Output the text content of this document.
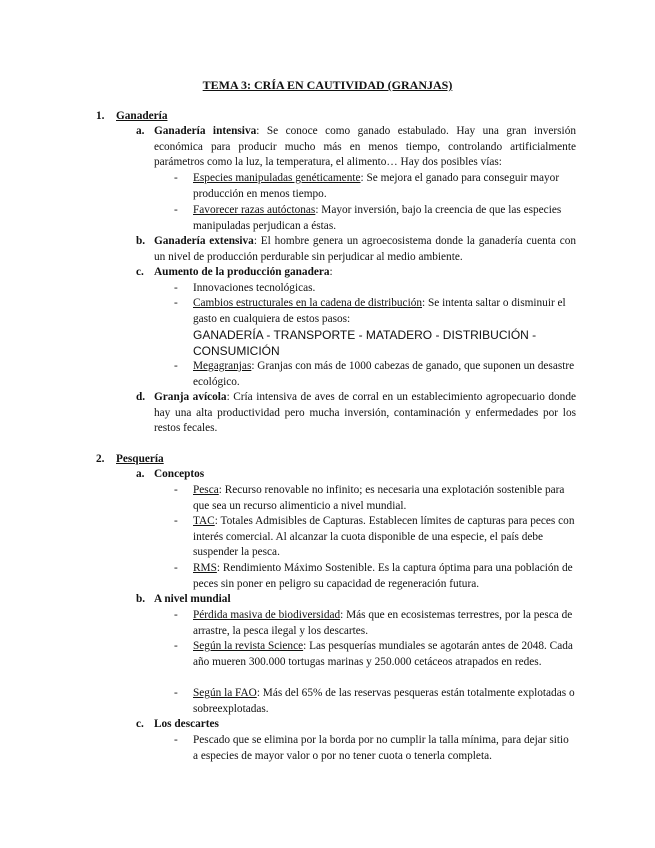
TEMA 3: CRÍA EN CAUTIVIDAD (GRANJAS)
1. Ganadería
a. Ganadería intensiva: Se conoce como ganado estabulado. Hay una gran inversión económica para producir mucho más en menos tiempo, controlando artificialmente parámetros como la luz, la temperatura, el alimento… Hay dos posibles vías:
- Especies manipuladas genéticamente: Se mejora el ganado para conseguir mayor producción en menos tiempo.
- Favorecer razas autóctonas: Mayor inversión, bajo la creencia de que las especies manipuladas perjudican a éstas.
b. Ganadería extensiva: El hombre genera un agroecosistema donde la ganadería cuenta con un nivel de producción perdurable sin perjudicar al medio ambiente.
c. Aumento de la producción ganadera:
- Innovaciones tecnológicas.
- Cambios estructurales en la cadena de distribución: Se intenta saltar o disminuir el gasto en cualquiera de estos pasos:
GANADERÍA - TRANSPORTE - MATADERO - DISTRIBUCIÓN - CONSUMICIÓN
- Megagranjas: Granjas con más de 1000 cabezas de ganado, que suponen un desastre ecológico.
d. Granja avícola: Cría intensiva de aves de corral en un establecimiento agropecuario donde hay una alta productividad pero mucha inversión, contaminación y enfermedades por los restos fecales.
2. Pesquería
a. Conceptos
- Pesca: Recurso renovable no infinito; es necesaria una explotación sostenible para que sea un recurso alimenticio a nivel mundial.
- TAC: Totales Admisibles de Capturas. Establecen límites de capturas para peces con interés comercial. Al alcanzar la cuota disponible de una especie, el país debe suspender la pesca.
- RMS: Rendimiento Máximo Sostenible. Es la captura óptima para una población de peces sin poner en peligro su capacidad de regeneración futura.
b. A nivel mundial
- Pérdida masiva de biodiversidad: Más que en ecosistemas terrestres, por la pesca de arrastre, la pesca ilegal y los descartes.
- Según la revista Science: Las pesquerías mundiales se agotarán antes de 2048. Cada año mueren 300.000 tortugas marinas y 250.000 cetáceos atrapados en redes.
- Según la FAO: Más del 65% de las reservas pesqueras están totalmente explotadas o sobreexplotadas.
c. Los descartes
- Pescado que se elimina por la borda por no cumplir la talla mínima, para dejar sitio a especies de mayor valor o por no tener cuota o tenerla completa.
